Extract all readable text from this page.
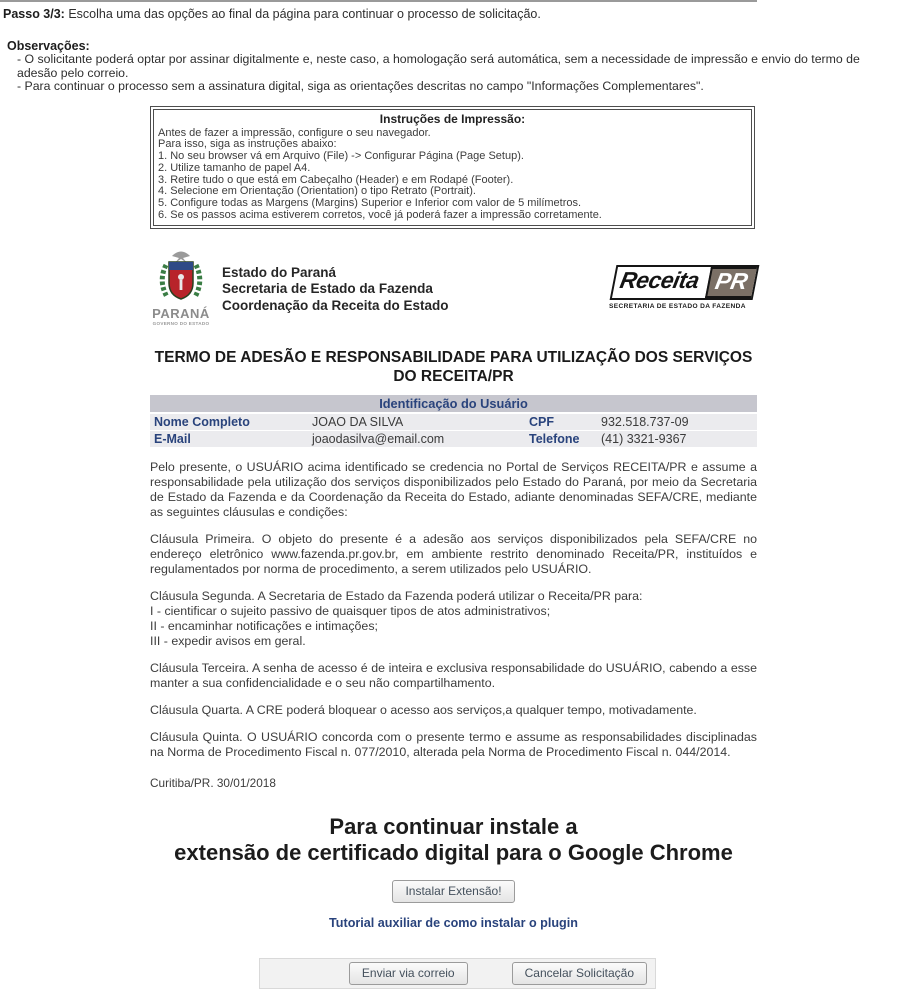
Passo 3/3: Escolha uma das opções ao final da página para continuar o processo de solicitação.

Observações:

- O solicitante poderá optar por assinar digitalmente e, neste caso, a homologação será automática, sem a necessidade de impressão e envio do termo de adesão pelo correio.
- Para continuar o processo sem a assinatura digital, siga as orientações descritas no campo "Informações Complementares".
Instruções de Impressão:
Antes de fazer a impressão, configure o seu navegador.
Para isso, siga as instruções abaixo:
1. No seu browser vá em Arquivo (File) -> Configurar Página (Page Setup).
2. Utilize tamanho de papel A4.
3. Retire tudo o que está em Cabeçalho (Header) e em Rodapé (Footer).
4. Selecione em Orientação (Orientation) o tipo Retrato (Portrait).
5. Configure todas as Margens (Margins) Superior e Inferior com valor de 5 milímetros.
6. Se os passos acima estiverem corretos, você já poderá fazer a impressão corretamente.
PARANÁ
GOVERNO DO ESTADO
Estado do Paraná
Secretaria de Estado da Fazenda
Coordenação da Receita do Estado
Receita PR
SECRETARIA DE ESTADO DA FAZENDA
TERMO DE ADESÃO E RESPONSABILIDADE PARA UTILIZAÇÃO DOS SERVIÇOS DO RECEITA/PR
Identificação do Usuário			
Nome Completo	JOAO DA SILVA	CPF	932.518.737-09
E-Mail	joaodasilva@email.com	Telefone	(41) 3321-9367

Pelo presente, o USUÁRIO acima identificado se credencia no Portal de Serviços RECEITA/PR e assume a responsabilidade pela utilização dos serviços disponibilizados pelo Estado do Paraná, por meio da Secretaria de Estado da Fazenda e da Coordenação da Receita do Estado, adiante denominadas SEFA/CRE, mediante as seguintes cláusulas e condições:

Cláusula Primeira. O objeto do presente é a adesão aos serviços disponibilizados pela SEFA/CRE no endereço eletrônico www.fazenda.pr.gov.br, em ambiente restrito denominado Receita/PR, instituídos e regulamentados por norma de procedimento, a serem utilizados pelo USUÁRIO.

Cláusula Segunda. A Secretaria de Estado da Fazenda poderá utilizar o Receita/PR para:
I - cientificar o sujeito passivo de quaisquer tipos de atos administrativos;
II - encaminhar notificações e intimações;
III - expedir avisos em geral.

Cláusula Terceira. A senha de acesso é de inteira e exclusiva responsabilidade do USUÁRIO, cabendo a esse manter a sua confidencialidade e o seu não compartilhamento.

Cláusula Quarta. A CRE poderá bloquear o acesso aos serviços,a qualquer tempo, motivadamente.

Cláusula Quinta. O USUÁRIO concorda com o presente termo e assume as responsabilidades disciplinadas na Norma de Procedimento Fiscal n. 077/2010, alterada pela Norma de Procedimento Fiscal n. 044/2014.

Curitiba/PR. 30/01/2018

Para continuar instale a
extensão de certificado digital para o Google Chrome
Instalar Extensão!
Tutorial auxiliar de como instalar o plugin
Enviar via correio	Cancelar Solicitação
